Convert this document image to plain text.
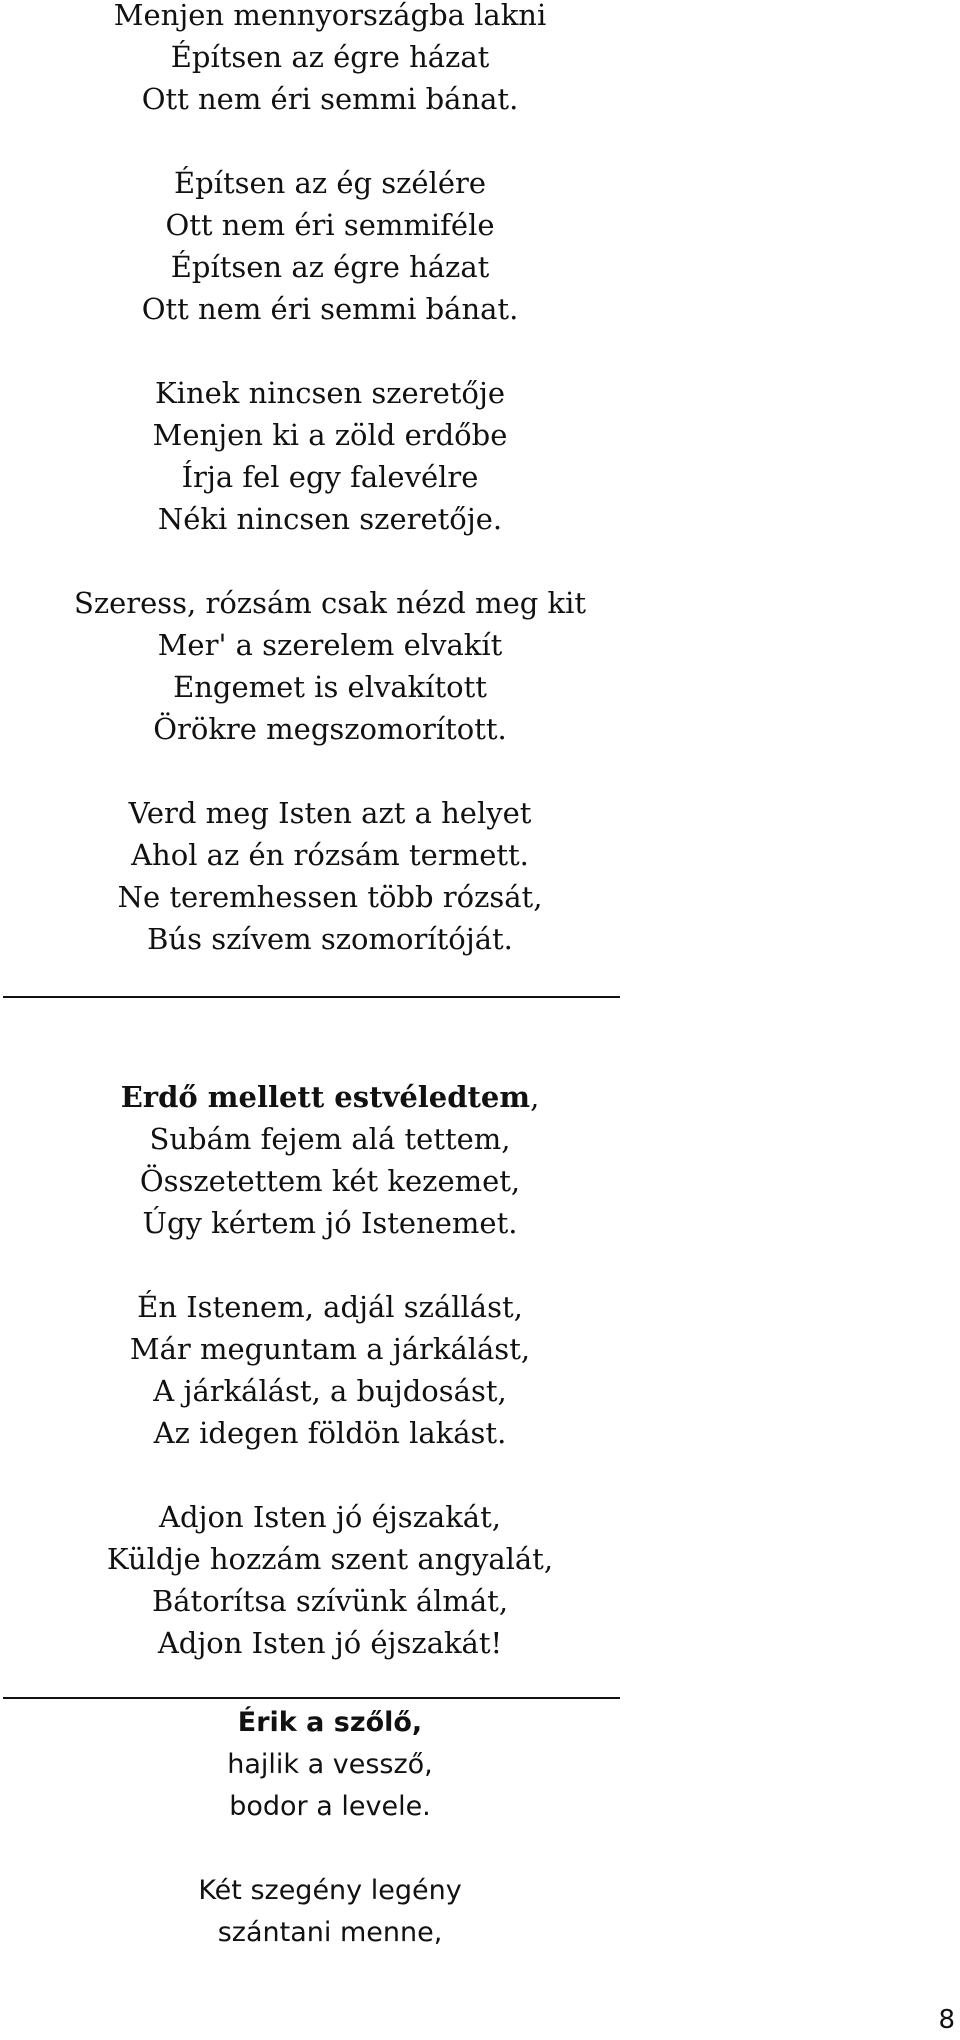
Menjen mennyországba lakni
Építsen az égre házat
Ott nem éri semmi bánat.
Építsen az ég szélére
Ott nem éri semmiféle
Építsen az égre házat
Ott nem éri semmi bánat.
Kinek nincsen szeretője
Menjen ki a zöld erdőbe
Írja fel egy falevélre
Néki nincsen szeretője.
Szeress, rózsám csak nézd meg kit
Mer' a szerelem elvakít
Engemet is elvakított
Örökre megszomorított.
Verd meg Isten azt a helyet
Ahol az én rózsám termett.
Ne teremhessen több rózsát,
Bús szívem szomorítóját.
Erdő mellett estvéledtem,
Subám fejem alá tettem,
Összetettem két kezemet,
Úgy kértem jó Istenemet.
Én Istenem, adjál szállást,
Már meguntam a járkálást,
A járkálást, a bujdosást,
Az idegen földön lakást.
Adjon Isten jó éjszakát,
Küldje hozzám szent angyalát,
Bátorítsa szívünk álmát,
Adjon Isten jó éjszakát!
Érik a szőlő,
hajlik a vessző,
bodor a levele.
Két szegény legény
szántani menne,
8
